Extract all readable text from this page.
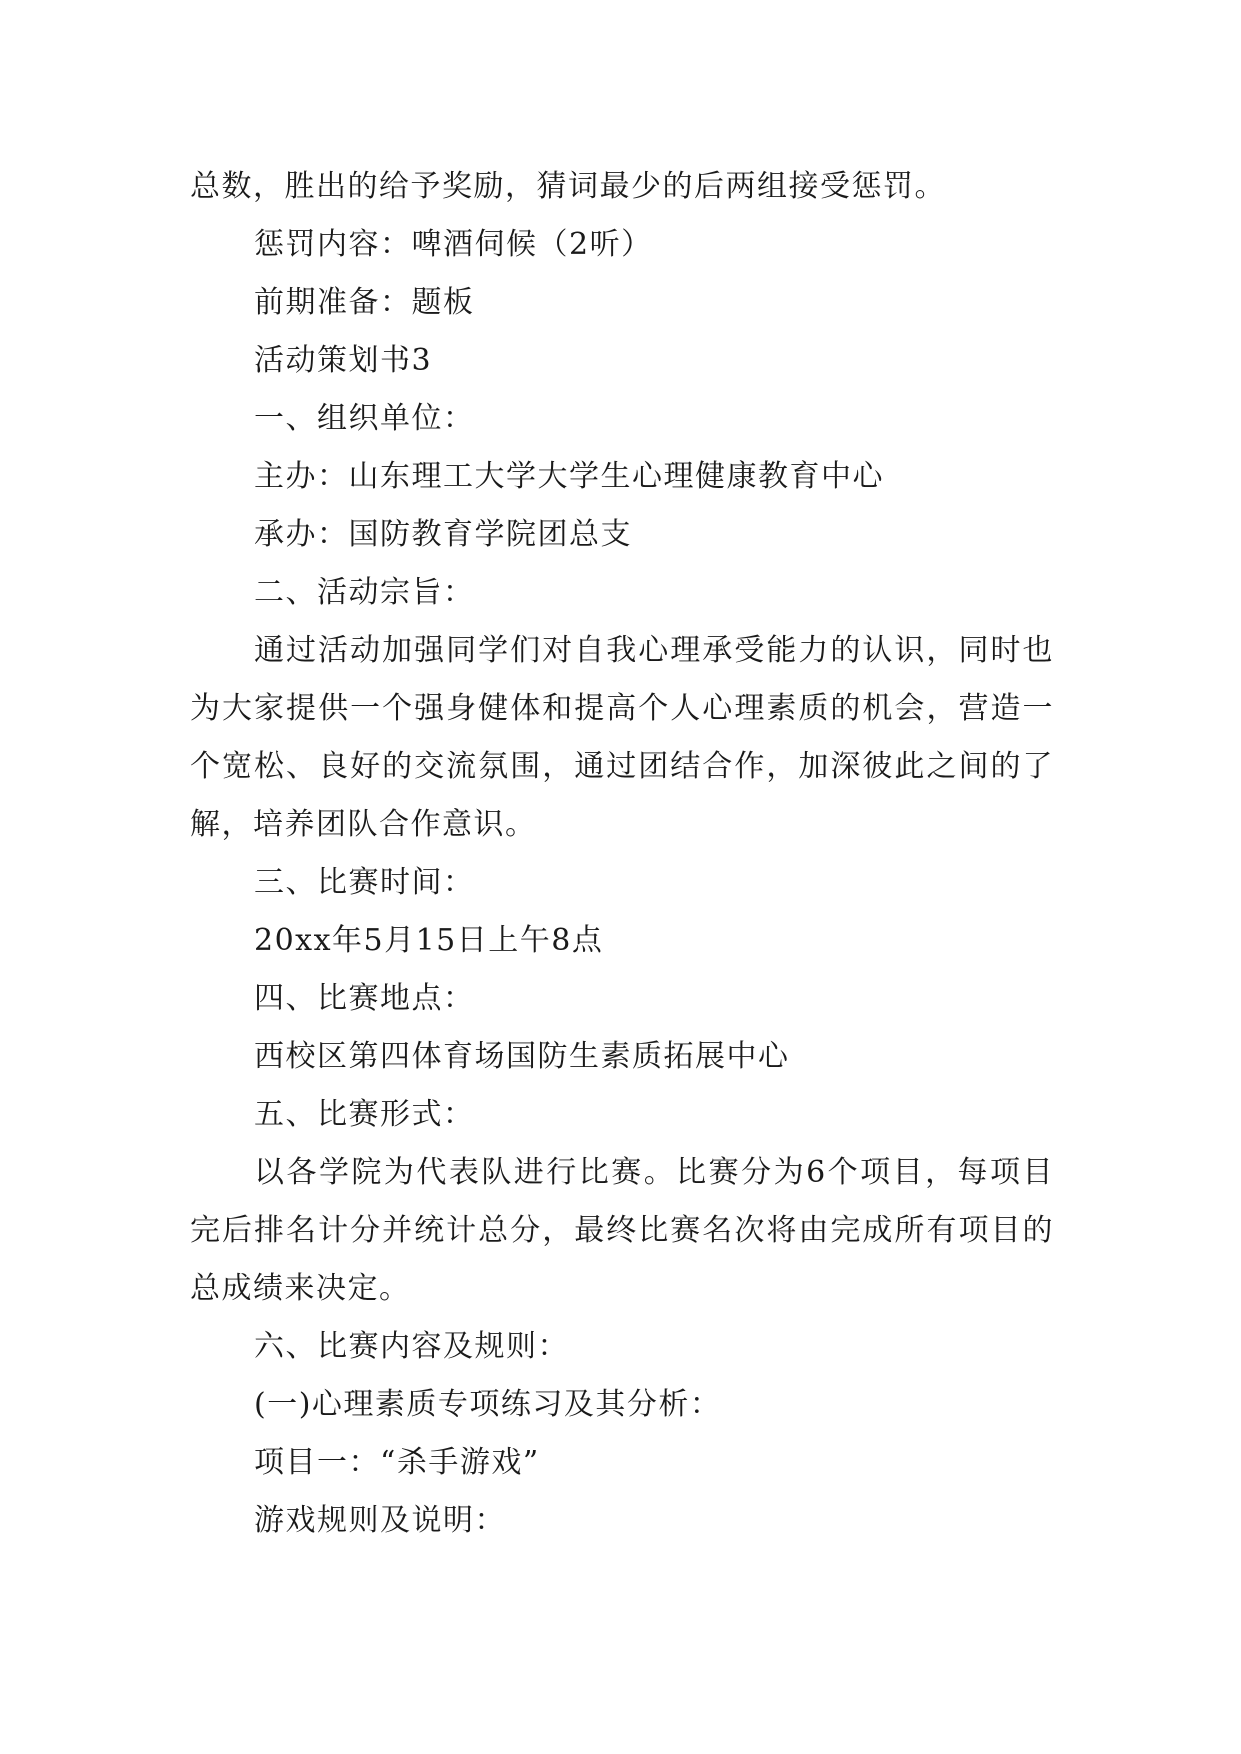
总数，胜出的给予奖励，猜词最少的后两组接受惩罚。

惩罚内容：啤酒伺候（2听）

前期准备：题板

活动策划书3

一、组织单位：

主办：山东理工大学大学生心理健康教育中心

承办：国防教育学院团总支

二、活动宗旨：

通过活动加强同学们对自我心理承受能力的认识，同时也为大家提供一个强身健体和提高个人心理素质的机会，营造一个宽松、良好的交流氛围，通过团结合作，加深彼此之间的了解，培养团队合作意识。

三、比赛时间：

20xx年5月15日上午8点

四、比赛地点：

西校区第四体育场国防生素质拓展中心

五、比赛形式：

以各学院为代表队进行比赛。比赛分为6个项目，每项目完后排名计分并统计总分，最终比赛名次将由完成所有项目的总成绩来决定。

六、比赛内容及规则：

(一)心理素质专项练习及其分析：

项目一：“杀手游戏”

游戏规则及说明：
